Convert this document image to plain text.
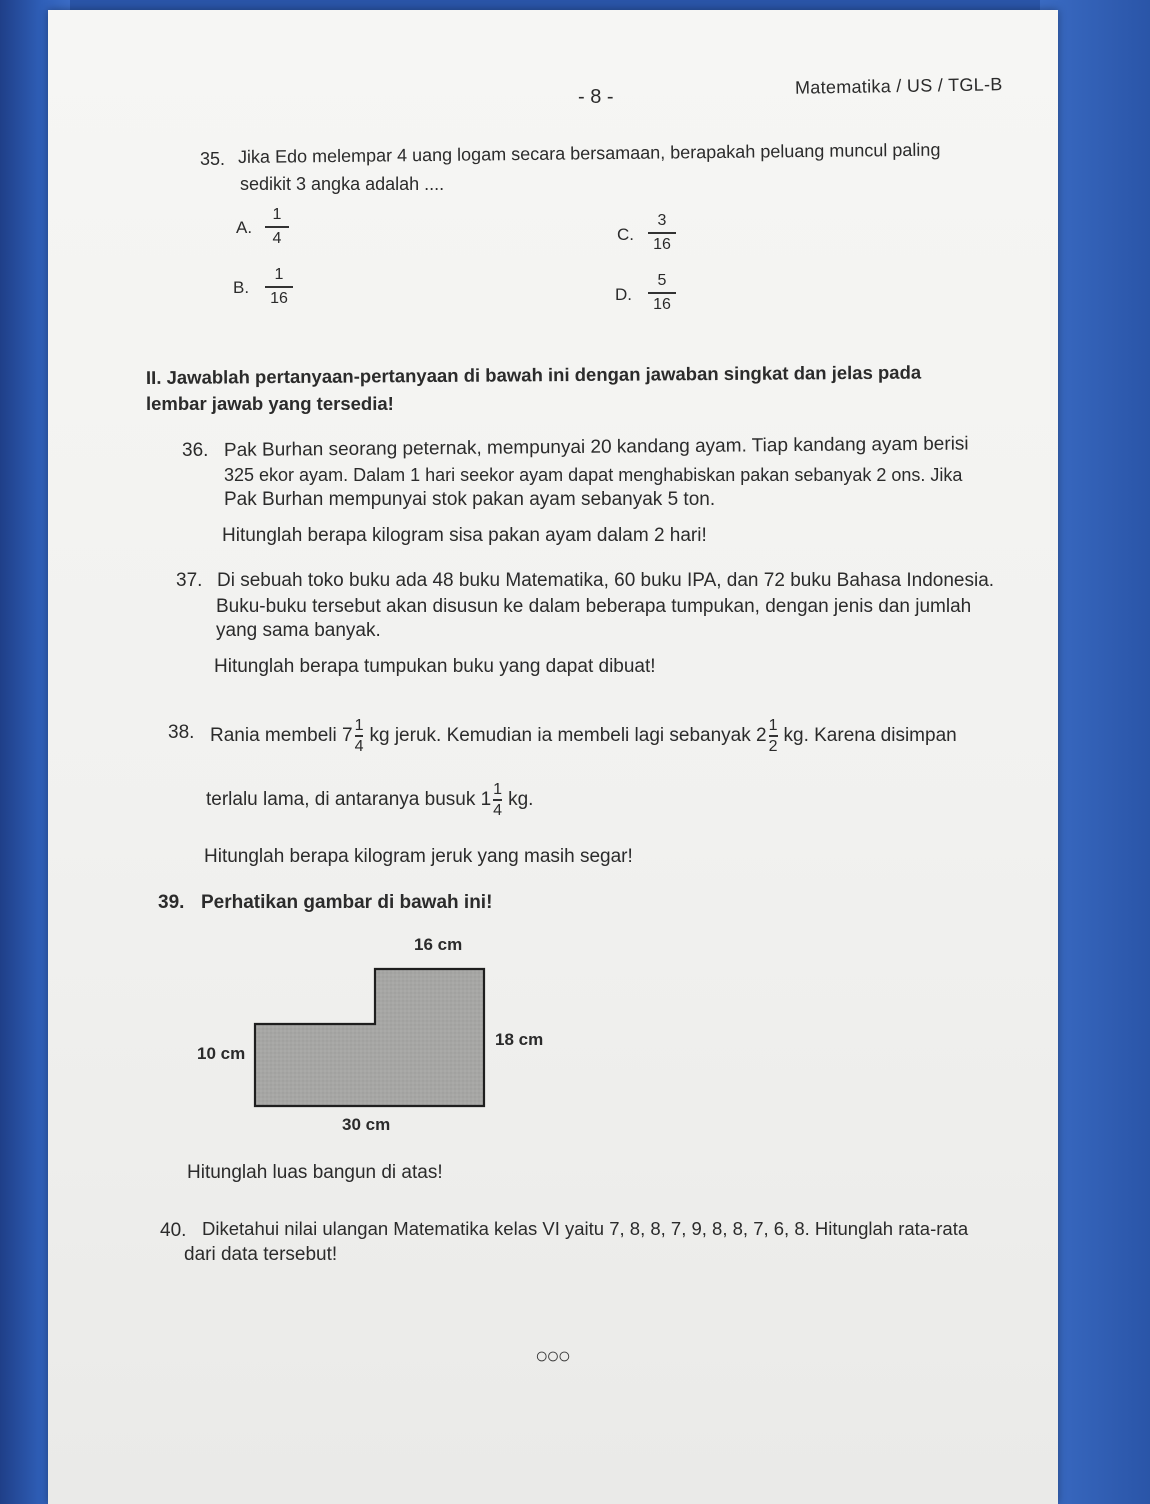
- 8 -	Matematika / US / TGL-B
35. Jika Edo melempar 4 uang logam secara bersamaan, berapakah peluang muncul paling
sedikit 3 angka adalah ....
A.
1
4
B.
1
16
C.
3
16
D.
5
16
II. Jawablah pertanyaan-pertanyaan di bawah ini dengan jawaban singkat dan jelas pada
lembar jawab yang tersedia!
36. Pak Burhan seorang peternak, mempunyai 20 kandang ayam. Tiap kandang ayam berisi
325 ekor ayam. Dalam 1 hari seekor ayam dapat menghabiskan pakan sebanyak 2 ons. Jika
Pak Burhan mempunyai stok pakan ayam sebanyak 5 ton.
Hitunglah berapa kilogram sisa pakan ayam dalam 2 hari!
37. Di sebuah toko buku ada 48 buku Matematika, 60 buku IPA, dan 72 buku Bahasa Indonesia.
Buku-buku tersebut akan disusun ke dalam beberapa tumpukan, dengan jenis dan jumlah
yang sama banyak.
Hitunglah berapa tumpukan buku yang dapat dibuat!
38. Rania membeli $7 \frac{1}{4}$ kg jeruk. Kemudian ia membeli lagi sebanyak $2 \frac{1}{2}$ kg. Karena disimpan
terlalu lama, di antaranya busuk $1 \frac{1}{4}$ kg.
Hitunglah berapa kilogram jeruk yang masih segar!
39. Perhatikan gambar di bawah ini!
16 cm
10 cm
18 cm
30 cm
Hitunglah luas bangun di atas!
40. Diketahui nilai ulangan Matematika kelas VI yaitu 7, 8, 8, 7, 9, 8, 8, 7, 6, 8. Hitunglah rata-rata
dari data tersebut!
○○○
